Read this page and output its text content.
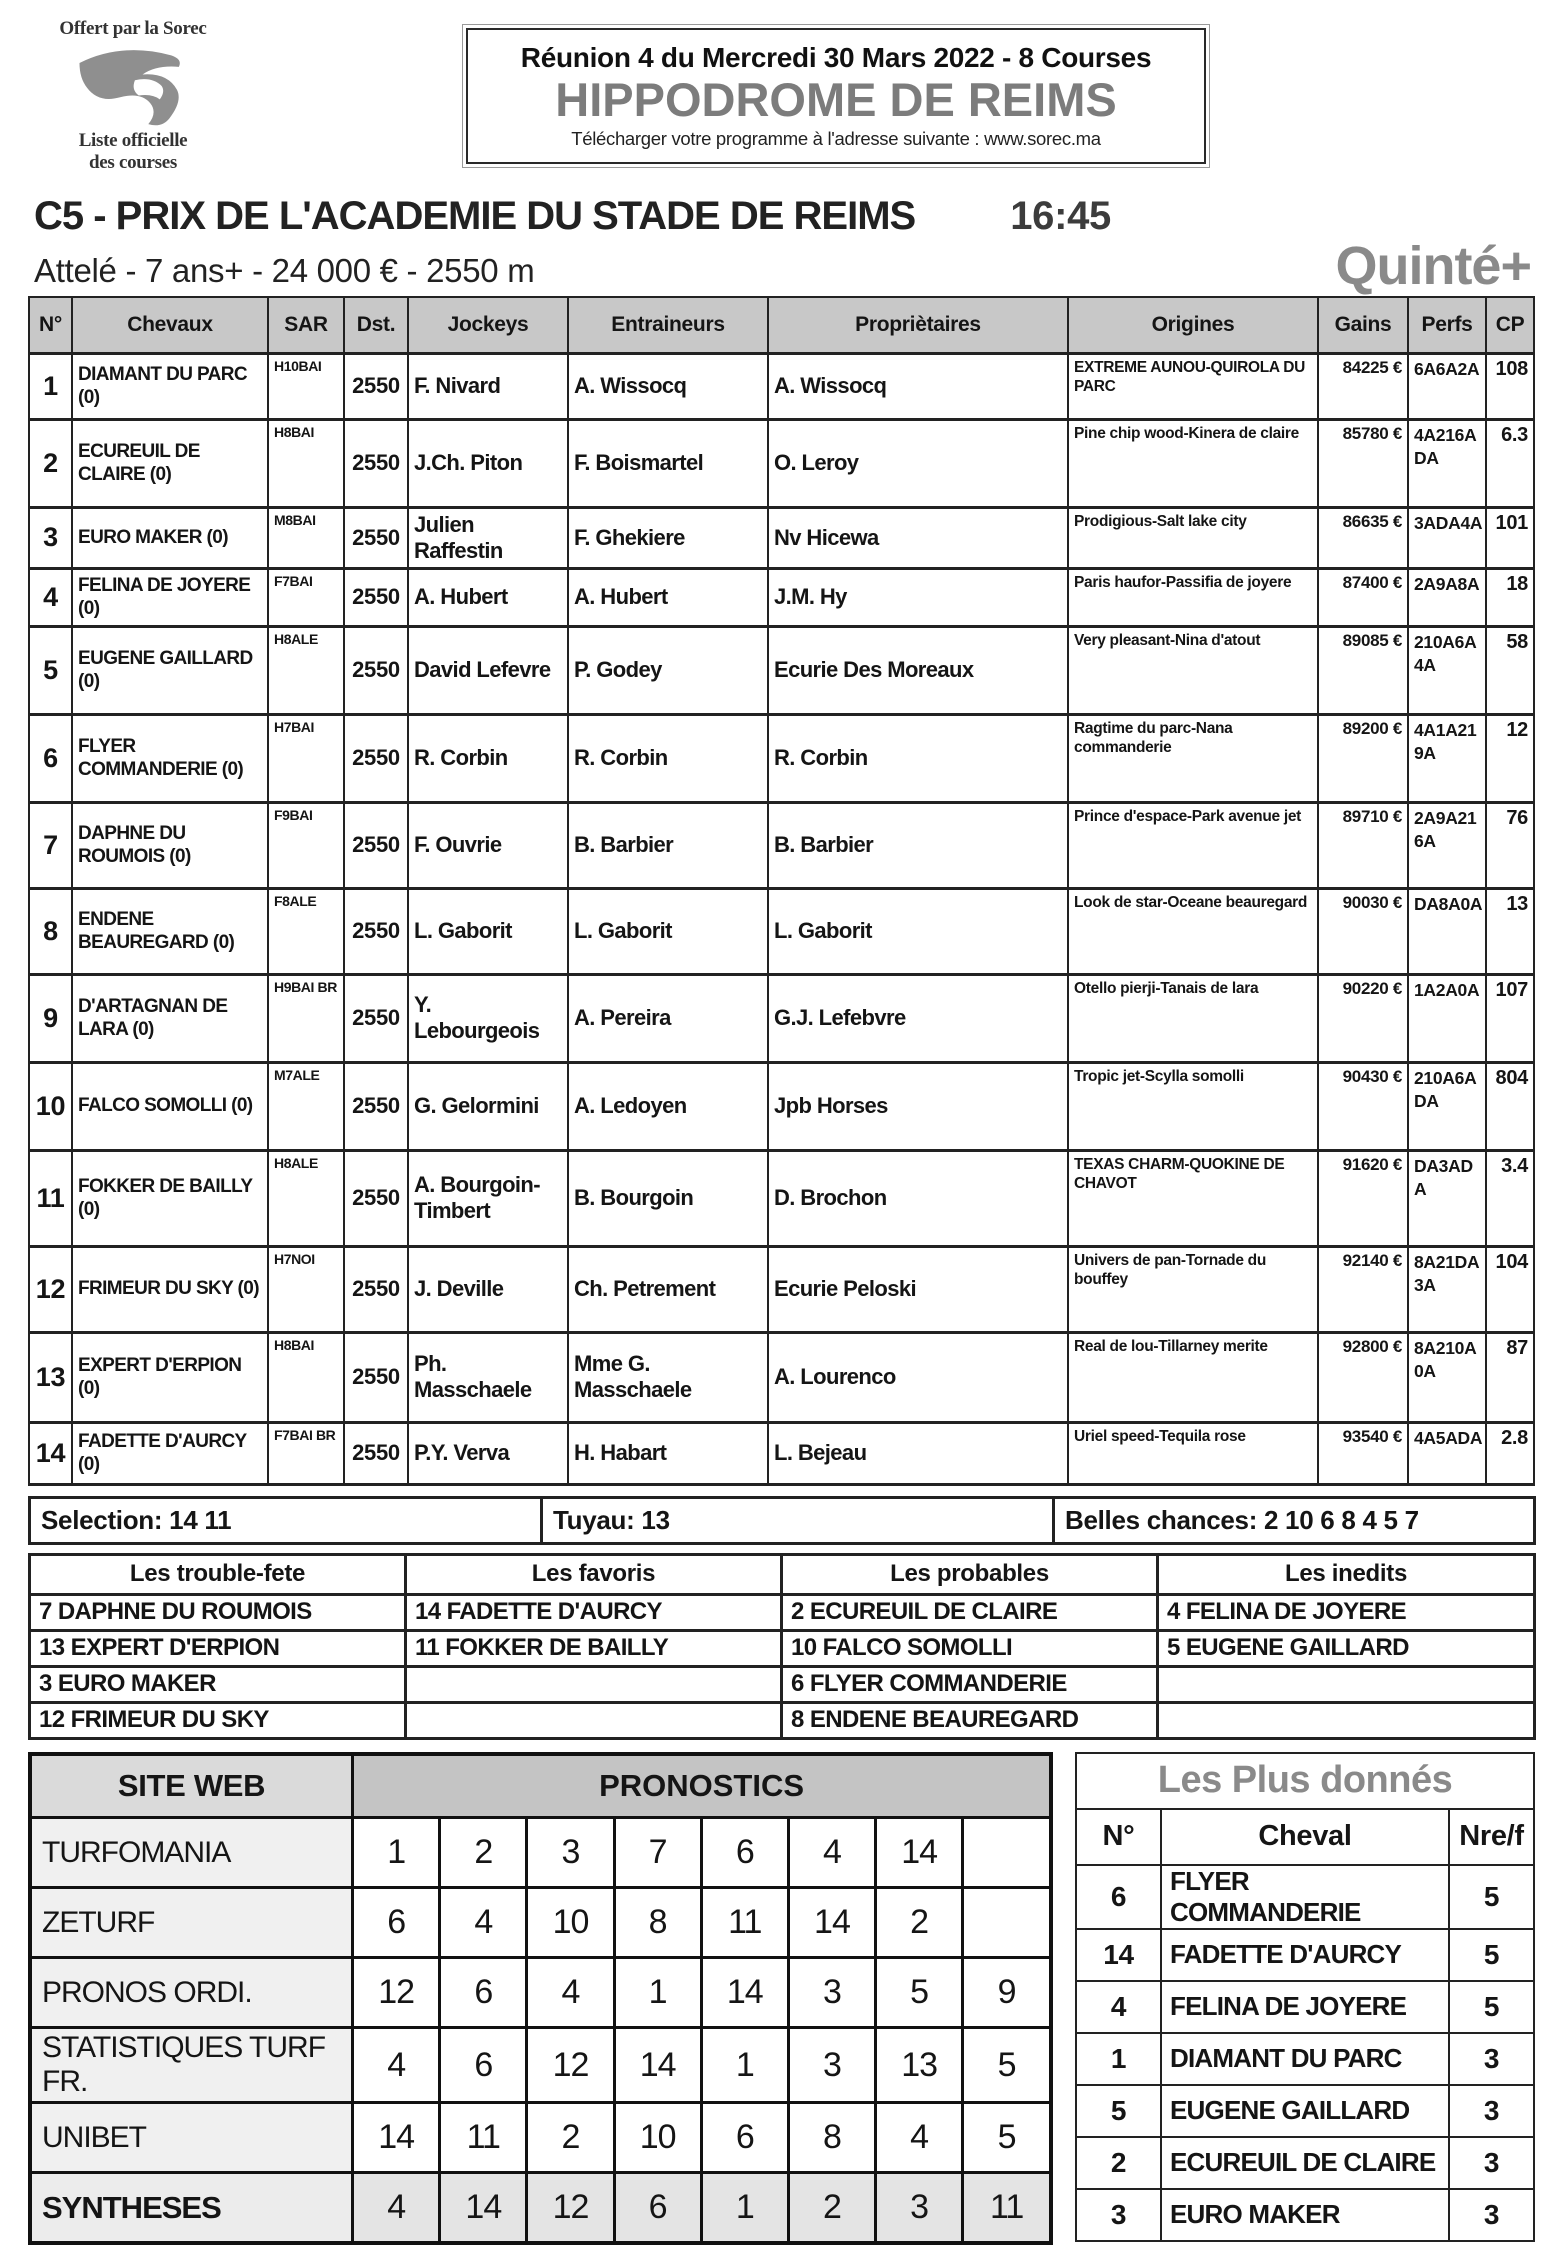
Offert par la Sorec
Liste officielle
des courses
Réunion 4 du Mercredi 30 Mars 2022 - 8 Courses
HIPPODROME DE REIMS
Télécharger votre programme à l'adresse suivante : www.sorec.ma
C5 - PRIX DE L'ACADEMIE DU STADE DE REIMS 16:45
Attelé - 7 ans+ - 24 000 € - 2550 m	Quinté+
N°	Chevaux	SAR	Dst.	Jockeys	Entraineurs	Propriètaires	Origines	Gains	Perfs	CP
1	DIAMANT DU PARC (0)	H10BAI	2550	F. Nivard	A. Wissocq	A. Wissocq	EXTREME AUNOU-QUIROLA DU PARC	84225 €	6A6A2A	108
2	ECUREUIL DE CLAIRE (0)	H8BAI	2550	J.Ch. Piton	F. Boismartel	O. Leroy	Pine chip wood-Kinera de claire	85780 €	4A216A DA	6.3
3	EURO MAKER (0)	M8BAI	2550	Julien Raffestin	F. Ghekiere	Nv Hicewa	Prodigious-Salt lake city	86635 €	3ADA4A	101
4	FELINA DE JOYERE (0)	F7BAI	2550	A. Hubert	A. Hubert	J.M. Hy	Paris haufor-Passifia de joyere	87400 €	2A9A8A	18
5	EUGENE GAILLARD (0)	H8ALE	2550	David Lefevre	P. Godey	Ecurie Des Moreaux	Very pleasant-Nina d'atout	89085 €	210A6A 4A	58
6	FLYER COMMANDERIE (0)	H7BAI	2550	R. Corbin	R. Corbin	R. Corbin	Ragtime du parc-Nana commanderie	89200 €	4A1A21 9A	12
7	DAPHNE DU ROUMOIS (0)	F9BAI	2550	F. Ouvrie	B. Barbier	B. Barbier	Prince d'espace-Park avenue jet	89710 €	2A9A21 6A	76
8	ENDENE BEAUREGARD (0)	F8ALE	2550	L. Gaborit	L. Gaborit	L. Gaborit	Look de star-Oceane beauregard	90030 €	DA8A0A	13
9	D'ARTAGNAN DE LARA (0)	H9BAI BR	2550	Y. Lebourgeois	A. Pereira	G.J. Lefebvre	Otello pierji-Tanais de lara	90220 €	1A2A0A	107
10	FALCO SOMOLLI (0)	M7ALE	2550	G. Gelormini	A. Ledoyen	Jpb Horses	Tropic jet-Scylla somolli	90430 €	210A6A DA	804
11	FOKKER DE BAILLY (0)	H8ALE	2550	A. Bourgoin-Timbert	B. Bourgoin	D. Brochon	TEXAS CHARM-QUOKINE DE CHAVOT	91620 €	DA3AD A	3.4
12	FRIMEUR DU SKY (0)	H7NOI	2550	J. Deville	Ch. Petrement	Ecurie Peloski	Univers de pan-Tornade du bouffey	92140 €	8A21DA 3A	104
13	EXPERT D'ERPION (0)	H8BAI	2550	Ph. Masschaele	Mme G. Masschaele	A. Lourenco	Real de lou-Tillarney merite	92800 €	8A210A 0A	87
14	FADETTE D'AURCY (0)	F7BAI BR	2550	P.Y. Verva	H. Habart	L. Bejeau	Uriel speed-Tequila rose	93540 €	4A5ADA	2.8
Selection: 14 11	Tuyau: 13	Belles chances: 2 10 6 8 4 5 7
Les trouble-fete	Les favoris	Les probables	Les inedits
7 DAPHNE DU ROUMOIS	14 FADETTE D'AURCY	2 ECUREUIL DE CLAIRE	4 FELINA DE JOYERE
13 EXPERT D'ERPION	11 FOKKER DE BAILLY	10 FALCO SOMOLLI	5 EUGENE GAILLARD
3 EURO MAKER		6 FLYER COMMANDERIE	
12 FRIMEUR DU SKY		8 ENDENE BEAUREGARD	
SITE WEB	PRONOSTICS							
TURFOMANIA	1	2	3	7	6	4	14	
ZETURF	6	4	10	8	11	14	2	
PRONOS ORDI.	12	6	4	1	14	3	5	9
STATISTIQUES TURF FR.	4	6	12	14	1	3	13	5
UNIBET	14	11	2	10	6	8	4	5
SYNTHESES	4	14	12	6	1	2	3	11
Les Plus donnés		
N°	Cheval	Nre/f
6	FLYER COMMANDERIE	5
14	FADETTE D'AURCY	5
4	FELINA DE JOYERE	5
1	DIAMANT DU PARC	3
5	EUGENE GAILLARD	3
2	ECUREUIL DE CLAIRE	3
3	EURO MAKER	3
